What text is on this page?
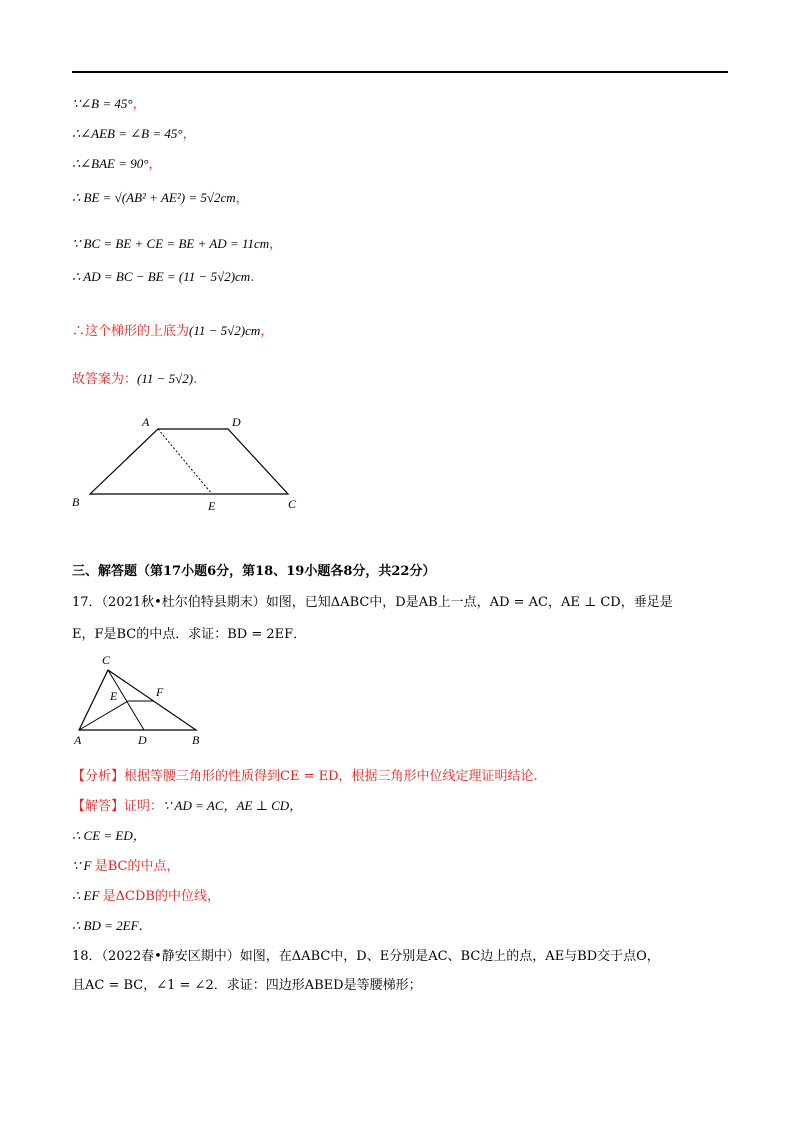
∵∠B = 45°，
∴∠AEB = ∠B = 45°，
∴∠BAE = 90°，
∴ BE = √(AB² + AE²) = 5√2cm，
∵ BC = BE + CE = BE + AD = 11cm，
∴ AD = BC − BE = (11 − 5√2)cm.
∴这个梯形的上底为(11 − 5√2)cm，
故答案为：(11 − 5√2).
A	D
B	E	C
三、解答题（第17小题6分，第18、19小题各8分，共22分）
17．（2021秋•杜尔伯特县期末）如图，已知ΔABC中，D是AB上一点，AD = AC，AE ⊥ CD，垂足是
E，F是BC的中点．求证：BD = 2EF．
C
E	F
A	D	B
【分析】根据等腰三角形的性质得到CE = ED，根据三角形中位线定理证明结论.
【解答】证明：∵ AD = AC，AE ⊥ CD，
∴ CE = ED，
∵ F 是BC的中点，
∴ EF 是ΔCDB的中位线，
∴ BD = 2EF．
18．（2022春•静安区期中）如图，在ΔABC中，D、E分别是AC、BC边上的点，AE与BD交于点O，
且AC = BC，∠1 = ∠2．求证：四边形ABED是等腰梯形；
